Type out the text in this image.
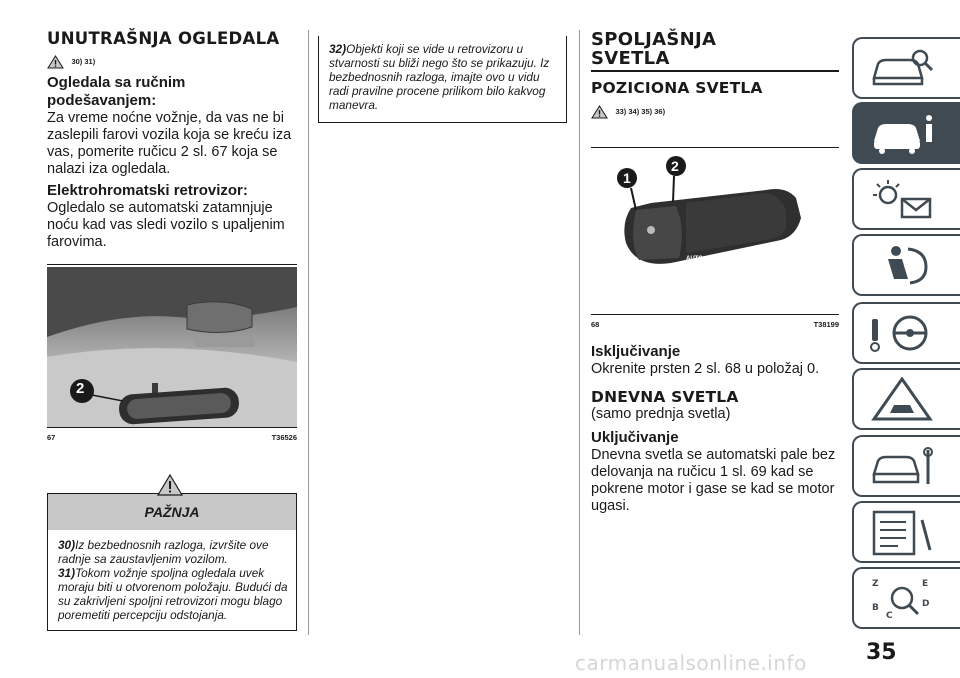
UNUTRAŠNJA OGLEDALA
30) 31)
Ogledala sa ručnim podešavanjem:
Za vreme noćne vožnje, da vas ne bi zaslepili farovi vozila koja se kreću iza vas, pomerite ručicu 2 sl. 67 koja se nalazi iza ogledala.
Elektrohromatski retrovizor:
Ogledalo se automatski zatamnjuje noću kad vas sledi vozilo s upaljenim farovima.
2
67	T36526
PAŽNJA
30)Iz bezbednosnih razloga, izvršite ove radnje sa zaustavljenim vozilom.
31)Tokom vožnje spoljna ogledala uvek moraju biti u otvorenom položaju. Budući da su zakrivljeni spoljni retrovizori mogu blago poremetiti percepciju odstojanja.
32)Objekti koji se vide u retrovizoru u stvarnosti su bliži nego što se prikazuju. Iz bezbednosnih razloga, imajte ovo u vidu radi pravilne procene prilikom bilo kakvog manevra.
SPOLJAŠNJA
SVETLA
POZICIONA SVETLA
33) 34) 35) 36)
AUTO
1
2
68	T38199
Isključivanje
Okrenite prsten 2 sl. 68 u položaj 0.
DNEVNA SVETLA
(samo prednja svetla)
Uključivanje
Dnevna svetla se automatski pale bez delovanja na ručicu 1 sl. 69 kad se pokrene motor i gase se kad se motor ugasi.
Z	E
B
C
D
35
carmanualsonline.info
